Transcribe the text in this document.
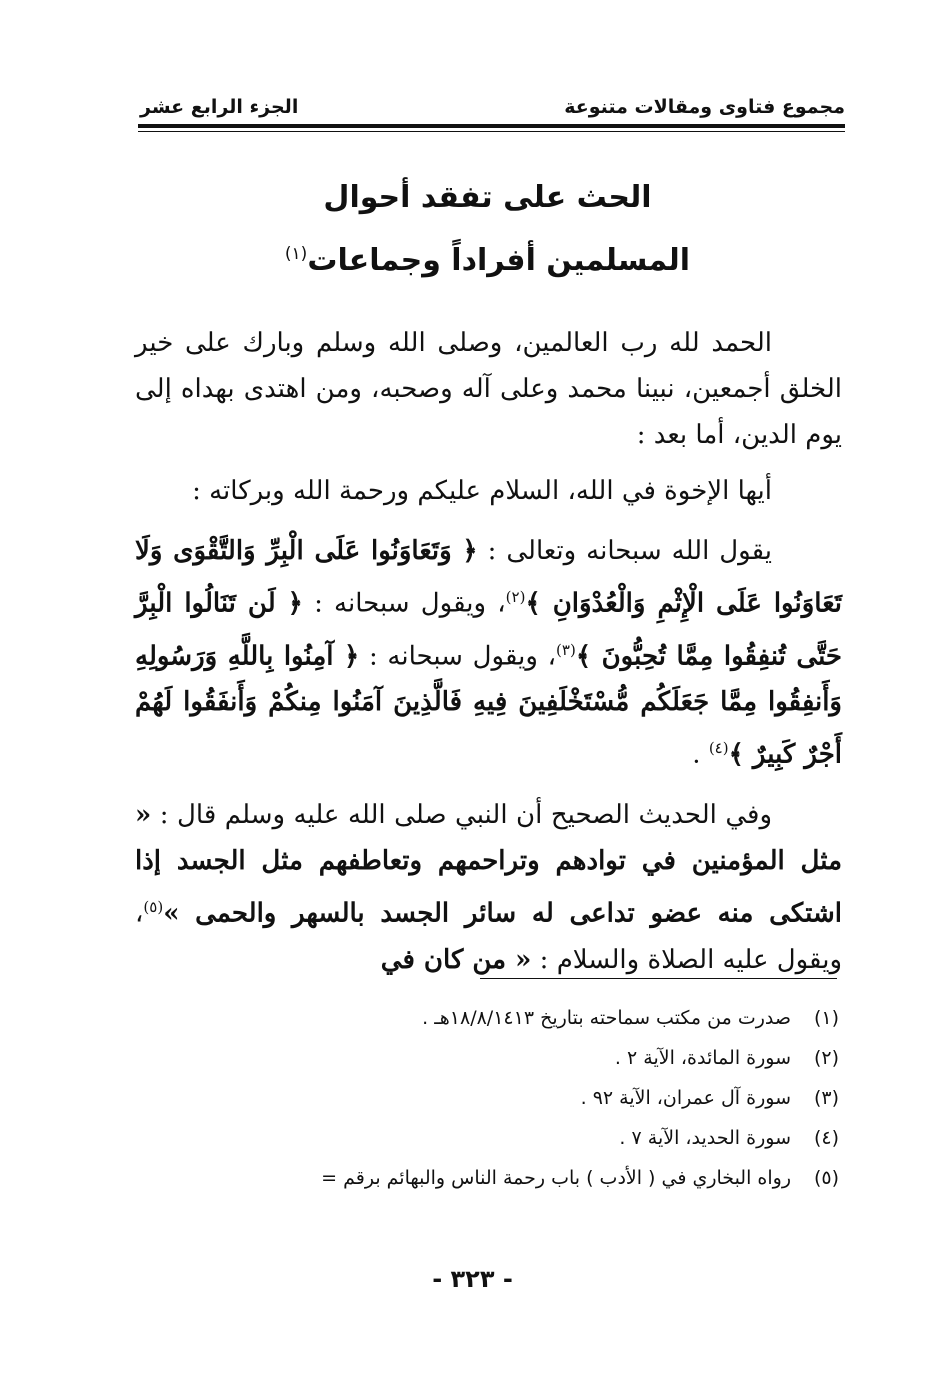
مجموع فتاوى ومقالات متنوعة
الجزء الرابع عشر
الحث على تفقد أحوال
المسلمين أفراداً وجماعات$^{(١)}$

الحمد لله رب العالمين، وصلى الله وسلم وبارك على خير الخلق أجمعين، نبينا محمد وعلى آله وصحبه، ومن اهتدى بهداه إلى يوم الدين، أما بعد :

أيها الإخوة في الله، السلام عليكم ورحمة الله وبركاته :

يقول الله سبحانه وتعالى : ﴿ وَتَعَاوَنُوا عَلَى الْبِرِّ وَالتَّقْوَى وَلَا تَعَاوَنُوا عَلَى الْإِثْمِ وَالْعُدْوَانِ ﴾$^{(٢)}$، ويقول سبحانه : ﴿ لَن تَنَالُوا الْبِرَّ حَتَّى تُنفِقُوا مِمَّا تُحِبُّونَ ﴾$^{(٣)}$، ويقول سبحانه : ﴿ آمِنُوا بِاللَّهِ وَرَسُولِهِ وَأَنفِقُوا مِمَّا جَعَلَكُم مُّسْتَخْلَفِينَ فِيهِ فَالَّذِينَ آمَنُوا مِنكُمْ وَأَنفَقُوا لَهُمْ أَجْرٌ كَبِيرٌ ﴾$^{(٤)}$ .

وفي الحديث الصحيح أن النبي صلى الله عليه وسلم قال : « مثل المؤمنين في توادهم وتراحمهم وتعاطفهم مثل الجسد إذا اشتكى منه عضو تداعى له سائر الجسد بالسهر والحمى »$^{(٥)}$، ويقول عليه الصلاة والسلام : « من كان في

(١)
صدرت من مكتب سماحته بتاريخ ١٨/٨/١٤١٣هـ .
(٢)
سورة المائدة، الآية ٢ .
(٣)
سورة آل عمران، الآية ٩٢ .
(٤)
سورة الحديد، الآية ٧ .
(٥)
رواه البخاري في ( الأدب ) باب رحمة الناس والبهائم برقم =
- ٣٢٣ -
